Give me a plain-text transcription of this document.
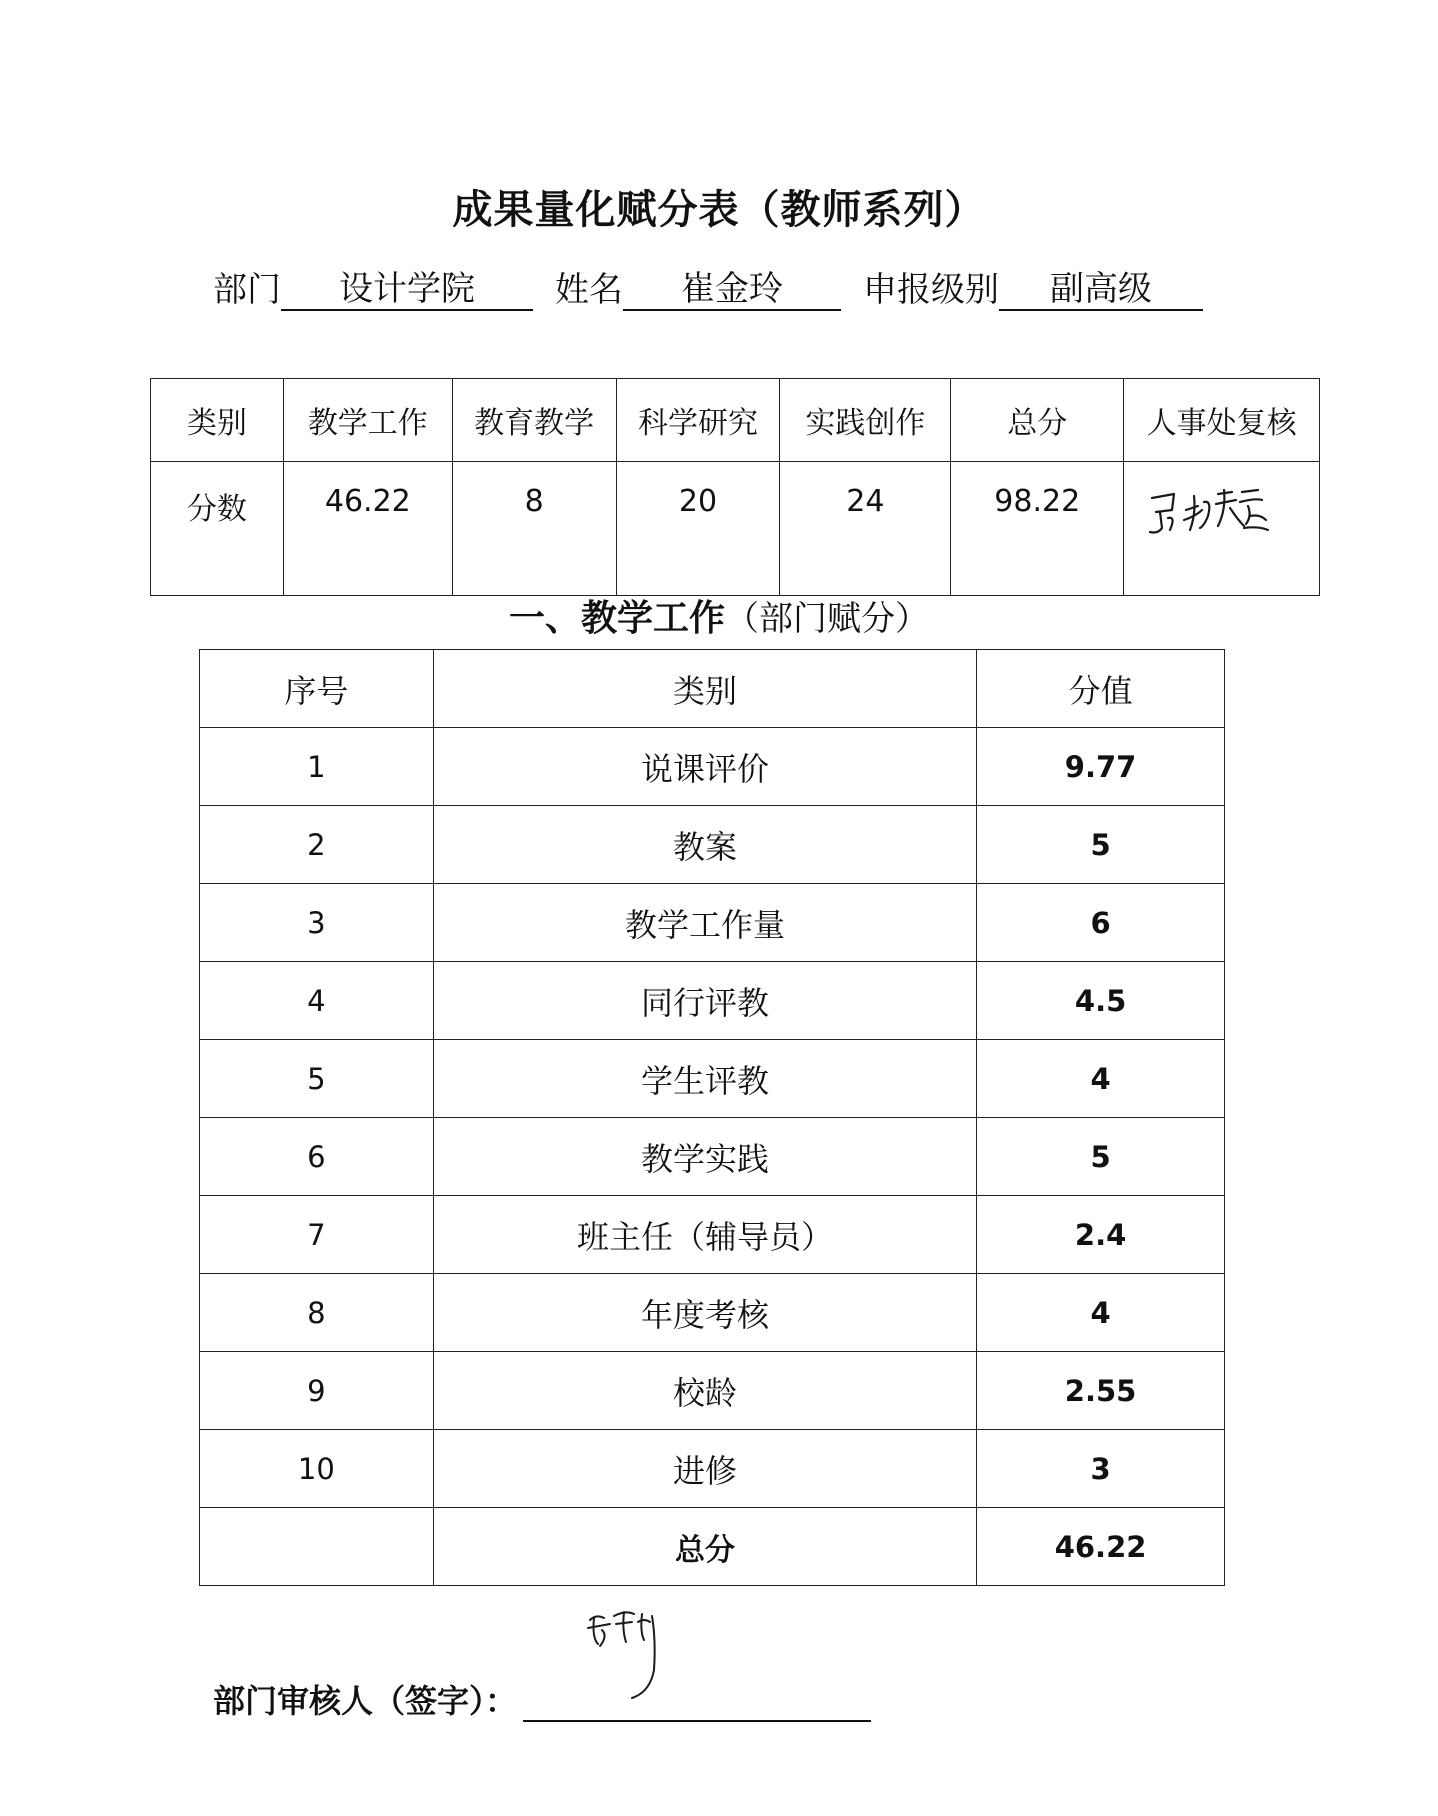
成果量化赋分表（教师系列）
部门 设计学院 姓名 崔金玲 申报级别 副高级
类别	教学工作	教育教学	科学研究	实践创作	总分	人事处复核
分数	46.22	8	20	24	98.22	
一、教学工作（部门赋分）
序号	类别	分值
1	说课评价	9.77
2	教案	5
3	教学工作量	6
4	同行评教	4.5
5	学生评教	4
6	教学实践	5
7	班主任（辅导员）	2.4
8	年度考核	4
9	校龄	2.55
10	进修	3
	总分	46.22
部门审核人（签字）：
